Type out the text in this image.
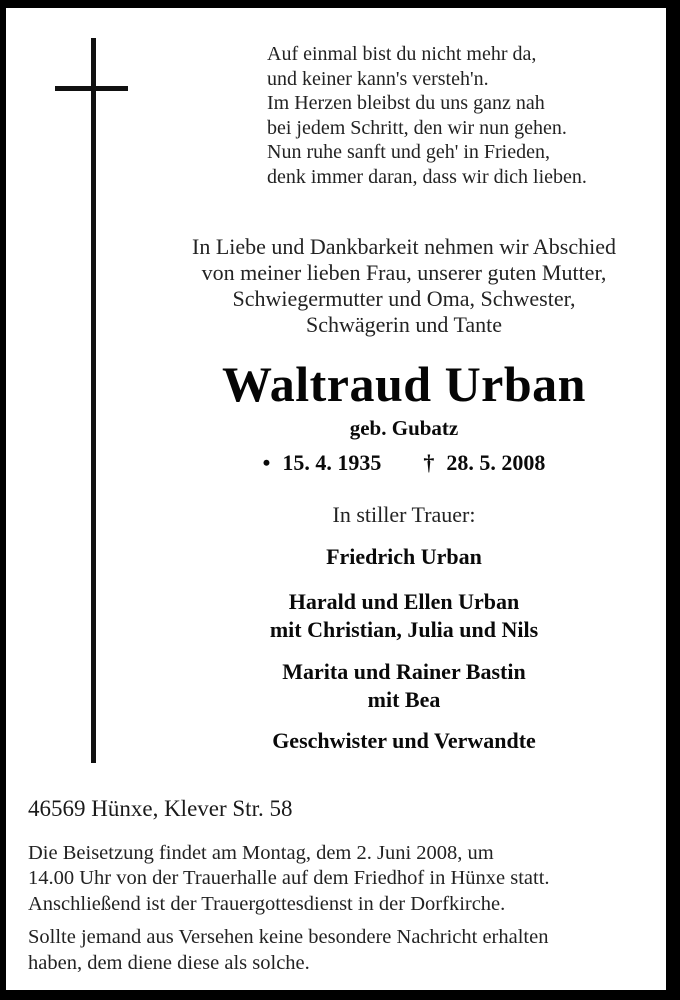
Auf einmal bist du nicht mehr da,
und keiner kann's versteh'n.
Im Herzen bleibst du uns ganz nah
bei jedem Schritt, den wir nun gehen.
Nun ruhe sanft und geh' in Frieden,
denk immer daran, dass wir dich lieben.
In Liebe und Dankbarkeit nehmen wir Abschied
von meiner lieben Frau, unserer guten Mutter,
Schwiegermutter und Oma, Schwester,
Schwägerin und Tante
Waltraud Urban
geb. Gubatz
• 15. 4. 1935 † 28. 5. 2008
In stiller Trauer:
Friedrich Urban
Harald und Ellen Urban
mit Christian, Julia und Nils
Marita und Rainer Bastin
mit Bea
Geschwister und Verwandte
46569 Hünxe, Klever Str. 58
Die Beisetzung findet am Montag, dem 2. Juni 2008, um
14.00 Uhr von der Trauerhalle auf dem Friedhof in Hünxe statt.
Anschließend ist der Trauergottesdienst in der Dorfkirche.
Sollte jemand aus Versehen keine besondere Nachricht erhalten
haben, dem diene diese als solche.
